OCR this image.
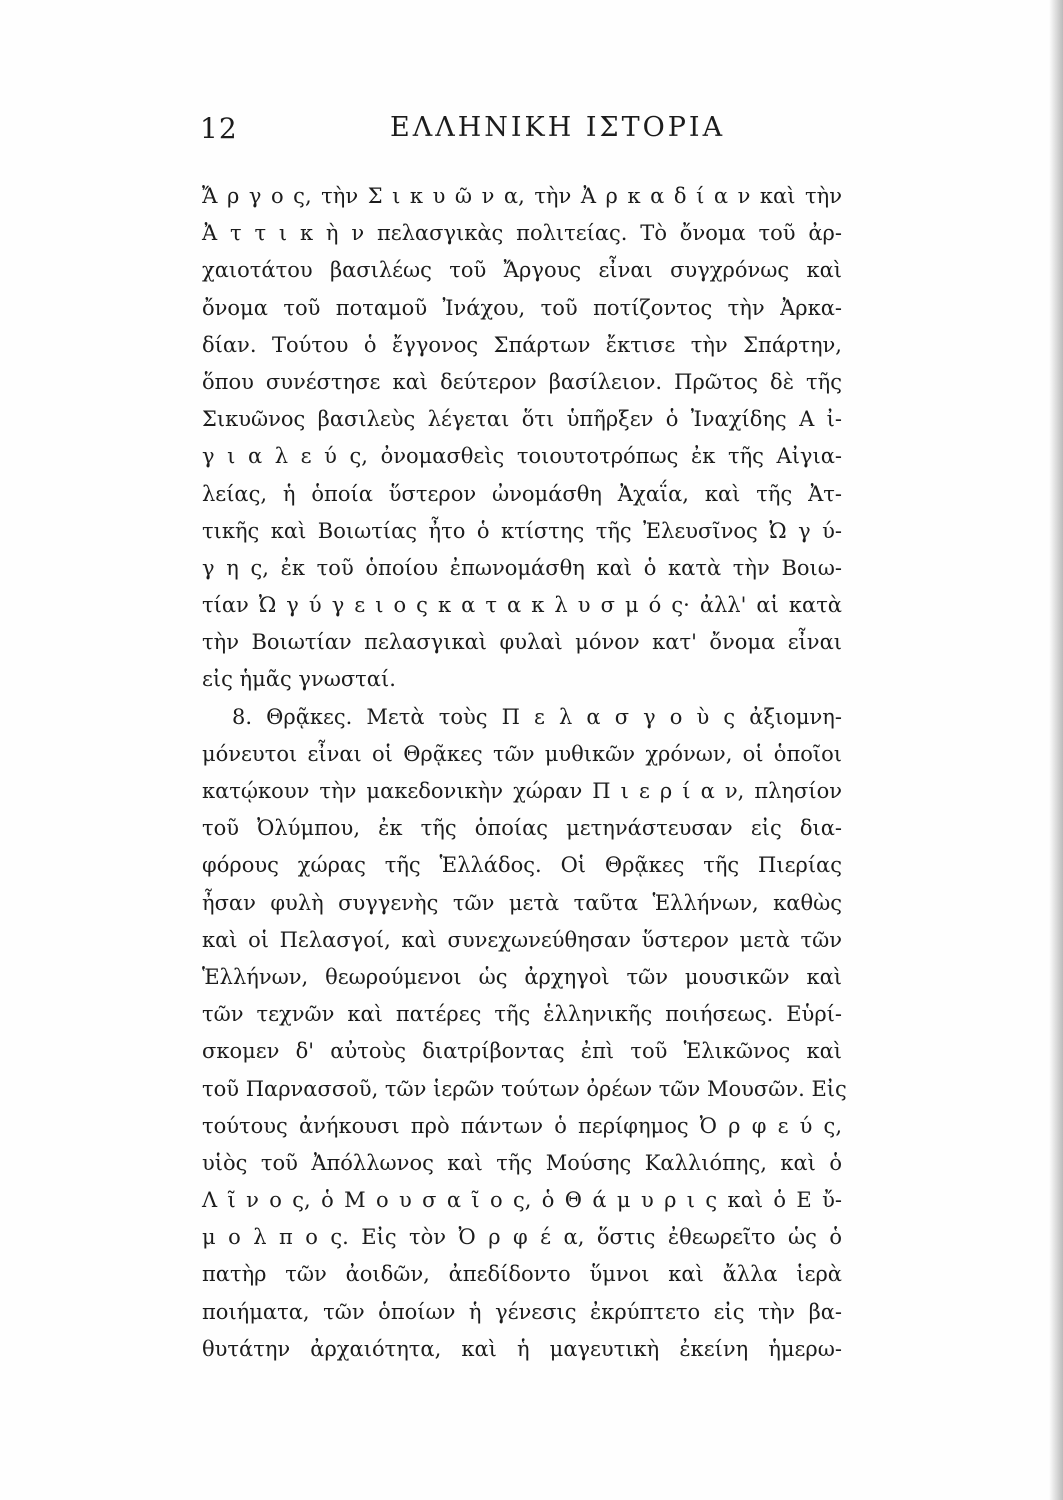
12	ΕΛΛΗΝΙΚΗ ΙΣΤΟΡΙΑ
Ἄ ρ γ ο ς, τὴν Σ ι κ υ ῶ ν α, τὴν Ἀ ρ κ α δ ί α ν καὶ τὴν
Ἀ τ τ ι κ ὴ ν πελασγικὰς πολιτείας. Τὸ ὄνομα τοῦ ἀρ-
χαιοτάτου βασιλέως τοῦ Ἄργους εἶναι συγχρόνως καὶ
ὄνομα τοῦ ποταμοῦ Ἰνάχου, τοῦ ποτίζοντος τὴν Ἀρκα-
δίαν. Τούτου ὁ ἔγγονος Σπάρτων ἔκτισε τὴν Σπάρτην,
ὅπου συνέστησε καὶ δεύτερον βασίλειον. Πρῶτος δὲ τῆς
Σικυῶνος βασιλεὺς λέγεται ὅτι ὑπῆρξεν ὁ Ἰναχίδης Α ἰ-
γ ι α λ ε ύ ς, ὀνομασθεὶς τοιουτοτρόπως ἐκ τῆς Αἰγια-
λείας, ἡ ὁποία ὕστερον ὠνομάσθη Ἀχαΐα, καὶ τῆς Ἀτ-
τικῆς καὶ Βοιωτίας ἦτο ὁ κτίστης τῆς Ἐλευσῖνος Ὠ γ ύ-
γ η ς, ἐκ τοῦ ὁποίου ἐπωνομάσθη καὶ ὁ κατὰ τὴν Βοιω-
τίαν Ὠ γ ύ γ ε ι ο ς κ α τ α κ λ υ σ μ ό ς· ἀλλ' αἱ κατὰ
τὴν Βοιωτίαν πελασγικαὶ φυλαὶ μόνον κατ' ὄνομα εἶναι
εἰς ἡμᾶς γνωσταί.
8. Θρᾷκες. Μετὰ τοὺς Π ε λ α σ γ ο ὺ ς ἀξιομνη-
μόνευτοι εἶναι οἱ Θρᾷκες τῶν μυθικῶν χρόνων, οἱ ὁποῖοι
κατῴκουν τὴν μακεδονικὴν χώραν Π ι ε ρ ί α ν, πλησίον
τοῦ Ὀλύμπου, ἐκ τῆς ὁποίας μετηνάστευσαν εἰς δια-
φόρους χώρας τῆς Ἑλλάδος. Οἱ Θρᾷκες τῆς Πιερίας
ἦσαν φυλὴ συγγενὴς τῶν μετὰ ταῦτα Ἑλλήνων, καθὼς
καὶ οἱ Πελασγοί, καὶ συνεχωνεύθησαν ὕστερον μετὰ τῶν
Ἑλλήνων, θεωρούμενοι ὡς ἀρχηγοὶ τῶν μουσικῶν καὶ
τῶν τεχνῶν καὶ πατέρες τῆς ἑλληνικῆς ποιήσεως. Εὑρί-
σκομεν δ' αὐτοὺς διατρίβοντας ἐπὶ τοῦ Ἑλικῶνος καὶ
τοῦ Παρνασσοῦ, τῶν ἱερῶν τούτων ὀρέων τῶν Μουσῶν. Εἰς
τούτους ἀνήκουσι πρὸ πάντων ὁ περίφημος Ὀ ρ φ ε ύ ς,
υἱὸς τοῦ Ἀπόλλωνος καὶ τῆς Μούσης Καλλιόπης, καὶ ὁ
Λ ῖ ν ο ς, ὁ Μ ο υ σ α ῖ ο ς, ὁ Θ ά μ υ ρ ι ς καὶ ὁ Ε ὔ-
μ ο λ π ο ς. Εἰς τὸν Ὀ ρ φ έ α, ὅστις ἐθεωρεῖτο ὡς ὁ
πατὴρ τῶν ἀοιδῶν, ἀπεδίδοντο ὕμνοι καὶ ἄλλα ἱερὰ
ποιήματα, τῶν ὁποίων ἡ γένεσις ἐκρύπτετο εἰς τὴν βα-
θυτάτην ἀρχαιότητα, καὶ ἡ μαγευτικὴ ἐκείνη ἡμερω-
